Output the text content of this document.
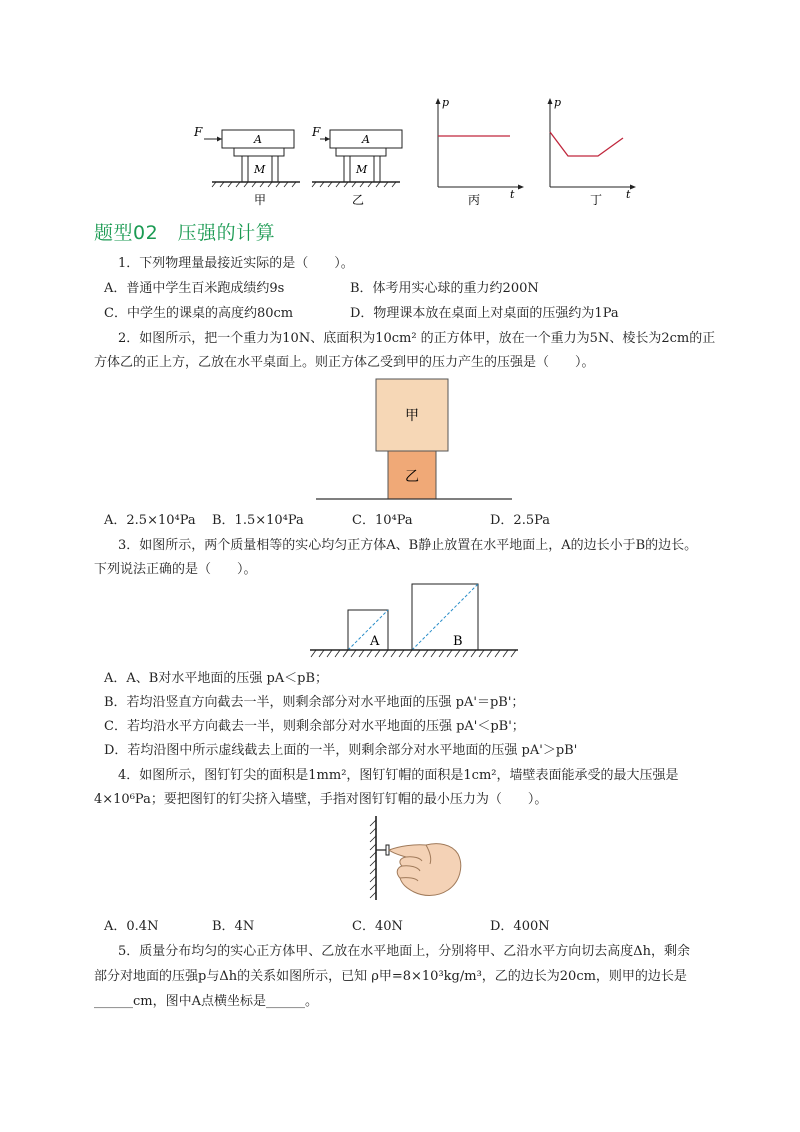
F
A
M
甲
F
A
M
乙
p
t
丙
p
t
丁
题型02　压强的计算
1．下列物理量最接近实际的是（　　）。
A．普通中学生百米跑成绩约9s	B．体考用实心球的重力约200N
C．中学生的课桌的高度约80cm	D．物理课本放在桌面上对桌面的压强约为1Pa
2．如图所示，把一个重力为10N、底面积为10cm² 的正方体甲，放在一个重力为5N、棱长为2cm的正
方体乙的正上方，乙放在水平桌面上。则正方体乙受到甲的压力产生的压强是（　　）。
甲
乙
A．2.5×10⁴Pa B．1.5×10⁴Pa	C．10⁴Pa	D．2.5Pa
3．如图所示，两个质量相等的实心均匀正方体A、B静止放置在水平地面上，A的边长小于B的边长。
下列说法正确的是（　　）。
A	B
A．A、B对水平地面的压强 pA＜pB；
B．若均沿竖直方向截去一半，则剩余部分对水平地面的压强 pA'＝pB'；
C．若均沿水平方向截去一半，则剩余部分对水平地面的压强 pA'＜pB'；
D．若均沿图中所示虚线截去上面的一半，则剩余部分对水平地面的压强 pA'＞pB'
4．如图所示，图钉钉尖的面积是1mm²，图钉钉帽的面积是1cm²，墙壁表面能承受的最大压强是
4×10⁶Pa；要把图钉的钉尖挤入墙壁，手指对图钉钉帽的最小压力为（　　）。
A．0.4N	B．4N	C．40N	D．400N
5．质量分布均匀的实心正方体甲、乙放在水平地面上，分别将甲、乙沿水平方向切去高度Δh，剩余
部分对地面的压强p与Δh的关系如图所示，已知 ρ甲=8×10³kg/m³，乙的边长为20cm，则甲的边长是
______cm，图中A点横坐标是______。
